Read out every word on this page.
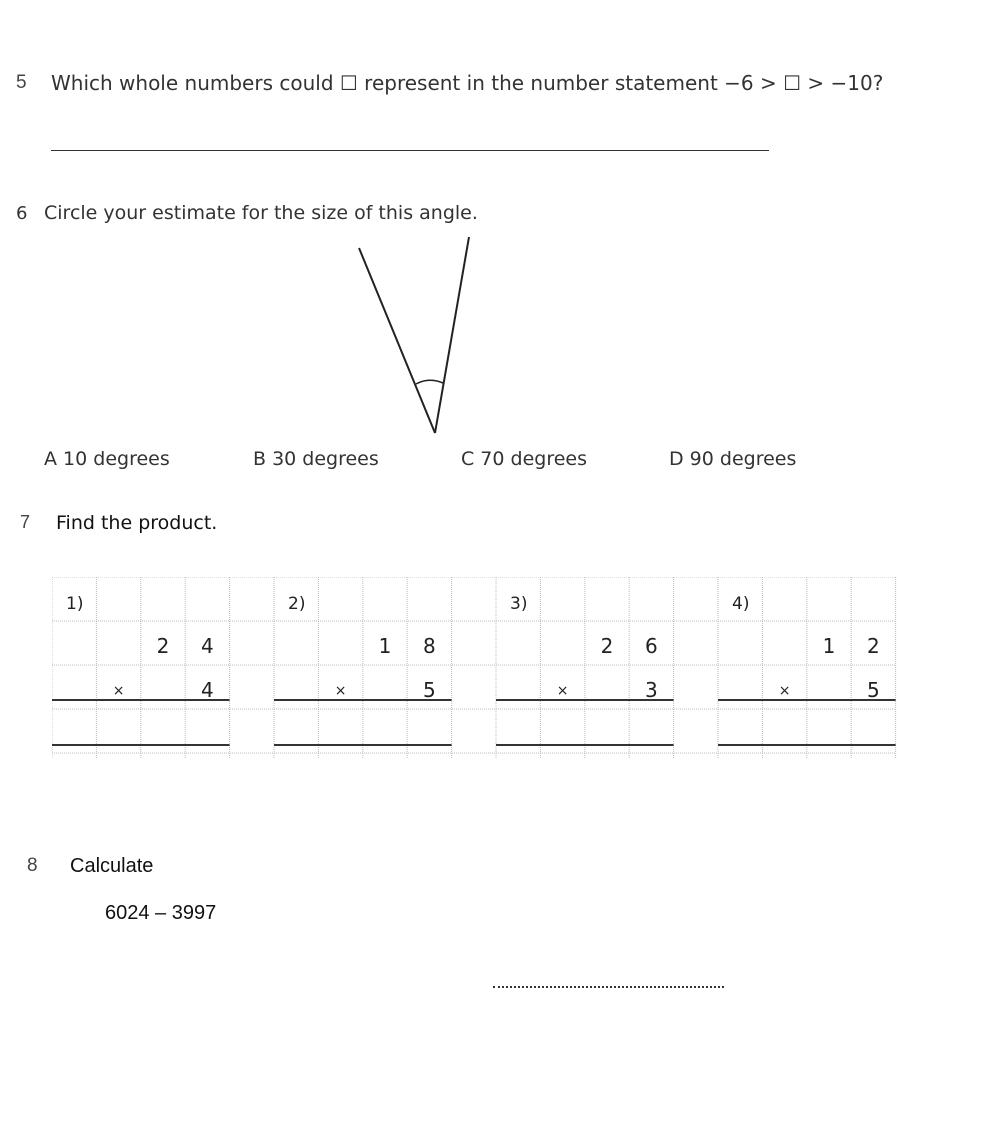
5 Which whole numbers could ☐ represent in the number statement −6 > ☐ > −10?
6 Circle your estimate for the size of this angle.
A 10 degrees	B 30 degrees	C 70 degrees	D 90 degrees
7 Find the product.
1)
2 4
×	4
2)
1 8
×	5
3)
2 6
×	3
4)
1 2
×	5
8 Calculate
6024 – 3997
